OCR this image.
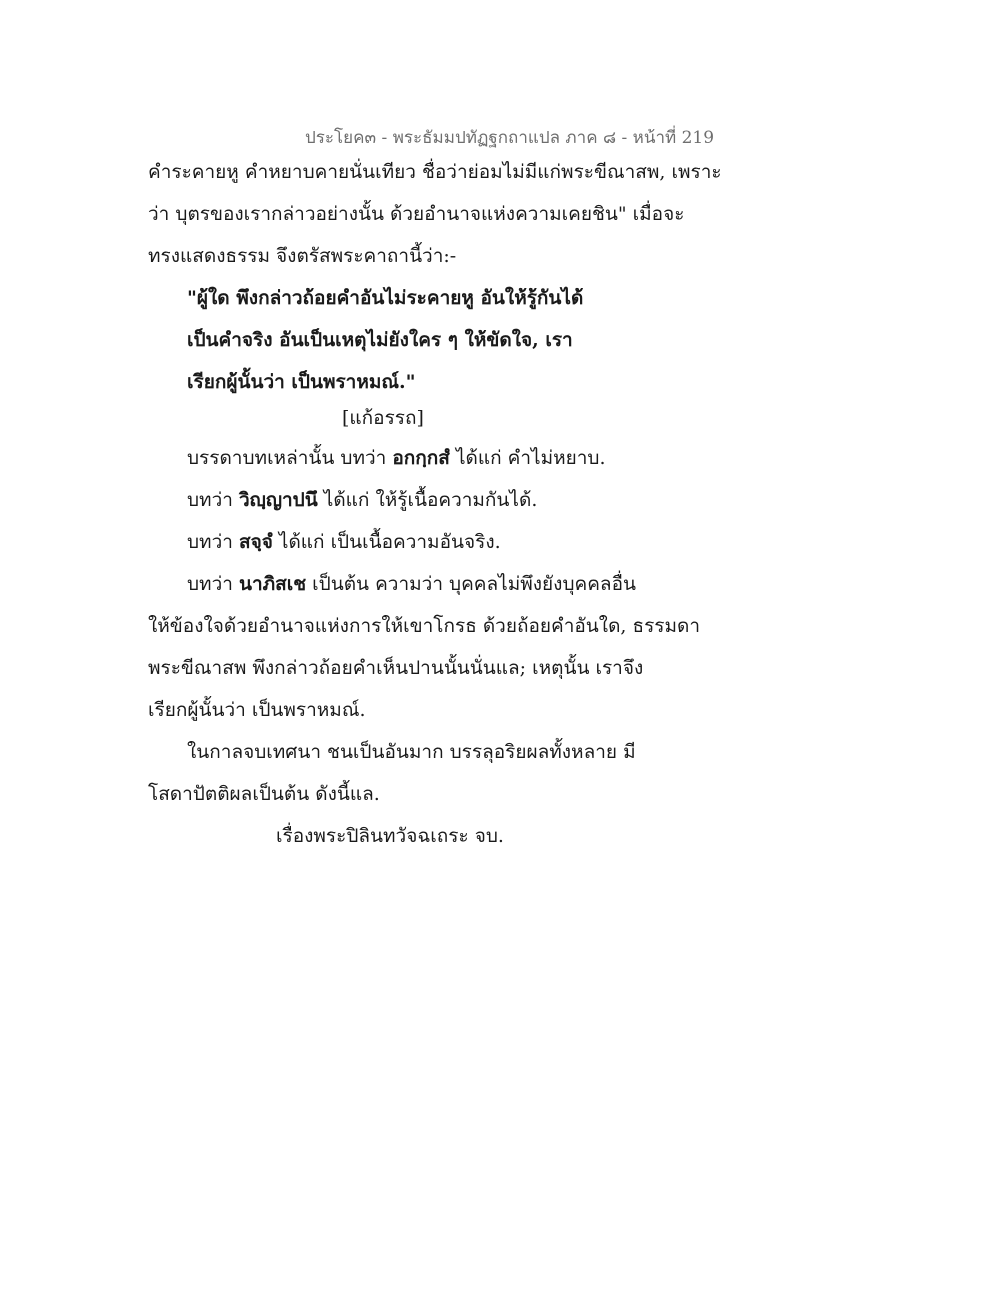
ประโยค๓ - พระธัมมปทัฏฐกถาแปล ภาค ๘ - หน้าที่ 219
คำระคายหู คำหยาบคายนั่นเทียว ชื่อว่าย่อมไม่มีแก่พระขีณาสพ, เพราะ
ว่า บุตรของเรากล่าวอย่างนั้น ด้วยอำนาจแห่งความเคยชิน" เมื่อจะ
ทรงแสดงธรรม จึงตรัสพระคาถานี้ว่า:-
"ผู้ใด พึงกล่าวถ้อยคำอันไม่ระคายหู อันให้รู้กันได้
เป็นคำจริง อันเป็นเหตุไม่ยังใคร ๆ ให้ขัดใจ, เรา
เรียกผู้นั้นว่า เป็นพราหมณ์."
[แก้อรรถ]
บรรดาบทเหล่านั้น บทว่า อกกฺกสํ ได้แก่ คำไม่หยาบ.
บทว่า วิญฺญาปนึ ได้แก่ ให้รู้เนื้อความกันได้.
บทว่า สจฺจํ ได้แก่ เป็นเนื้อความอันจริง.
บทว่า นาภิสเช เป็นต้น ความว่า บุคคลไม่พึงยังบุคคลอื่น
ให้ข้องใจด้วยอำนาจแห่งการให้เขาโกรธ ด้วยถ้อยคำอันใด, ธรรมดา
พระขีณาสพ พึงกล่าวถ้อยคำเห็นปานนั้นนั่นแล; เหตุนั้น เราจึง
เรียกผู้นั้นว่า เป็นพราหมณ์.
ในกาลจบเทศนา ชนเป็นอันมาก บรรลุอริยผลทั้งหลาย มี
โสดาปัตติผลเป็นต้น ดังนี้แล.
เรื่องพระปิลินทวัจฉเถระ จบ.
